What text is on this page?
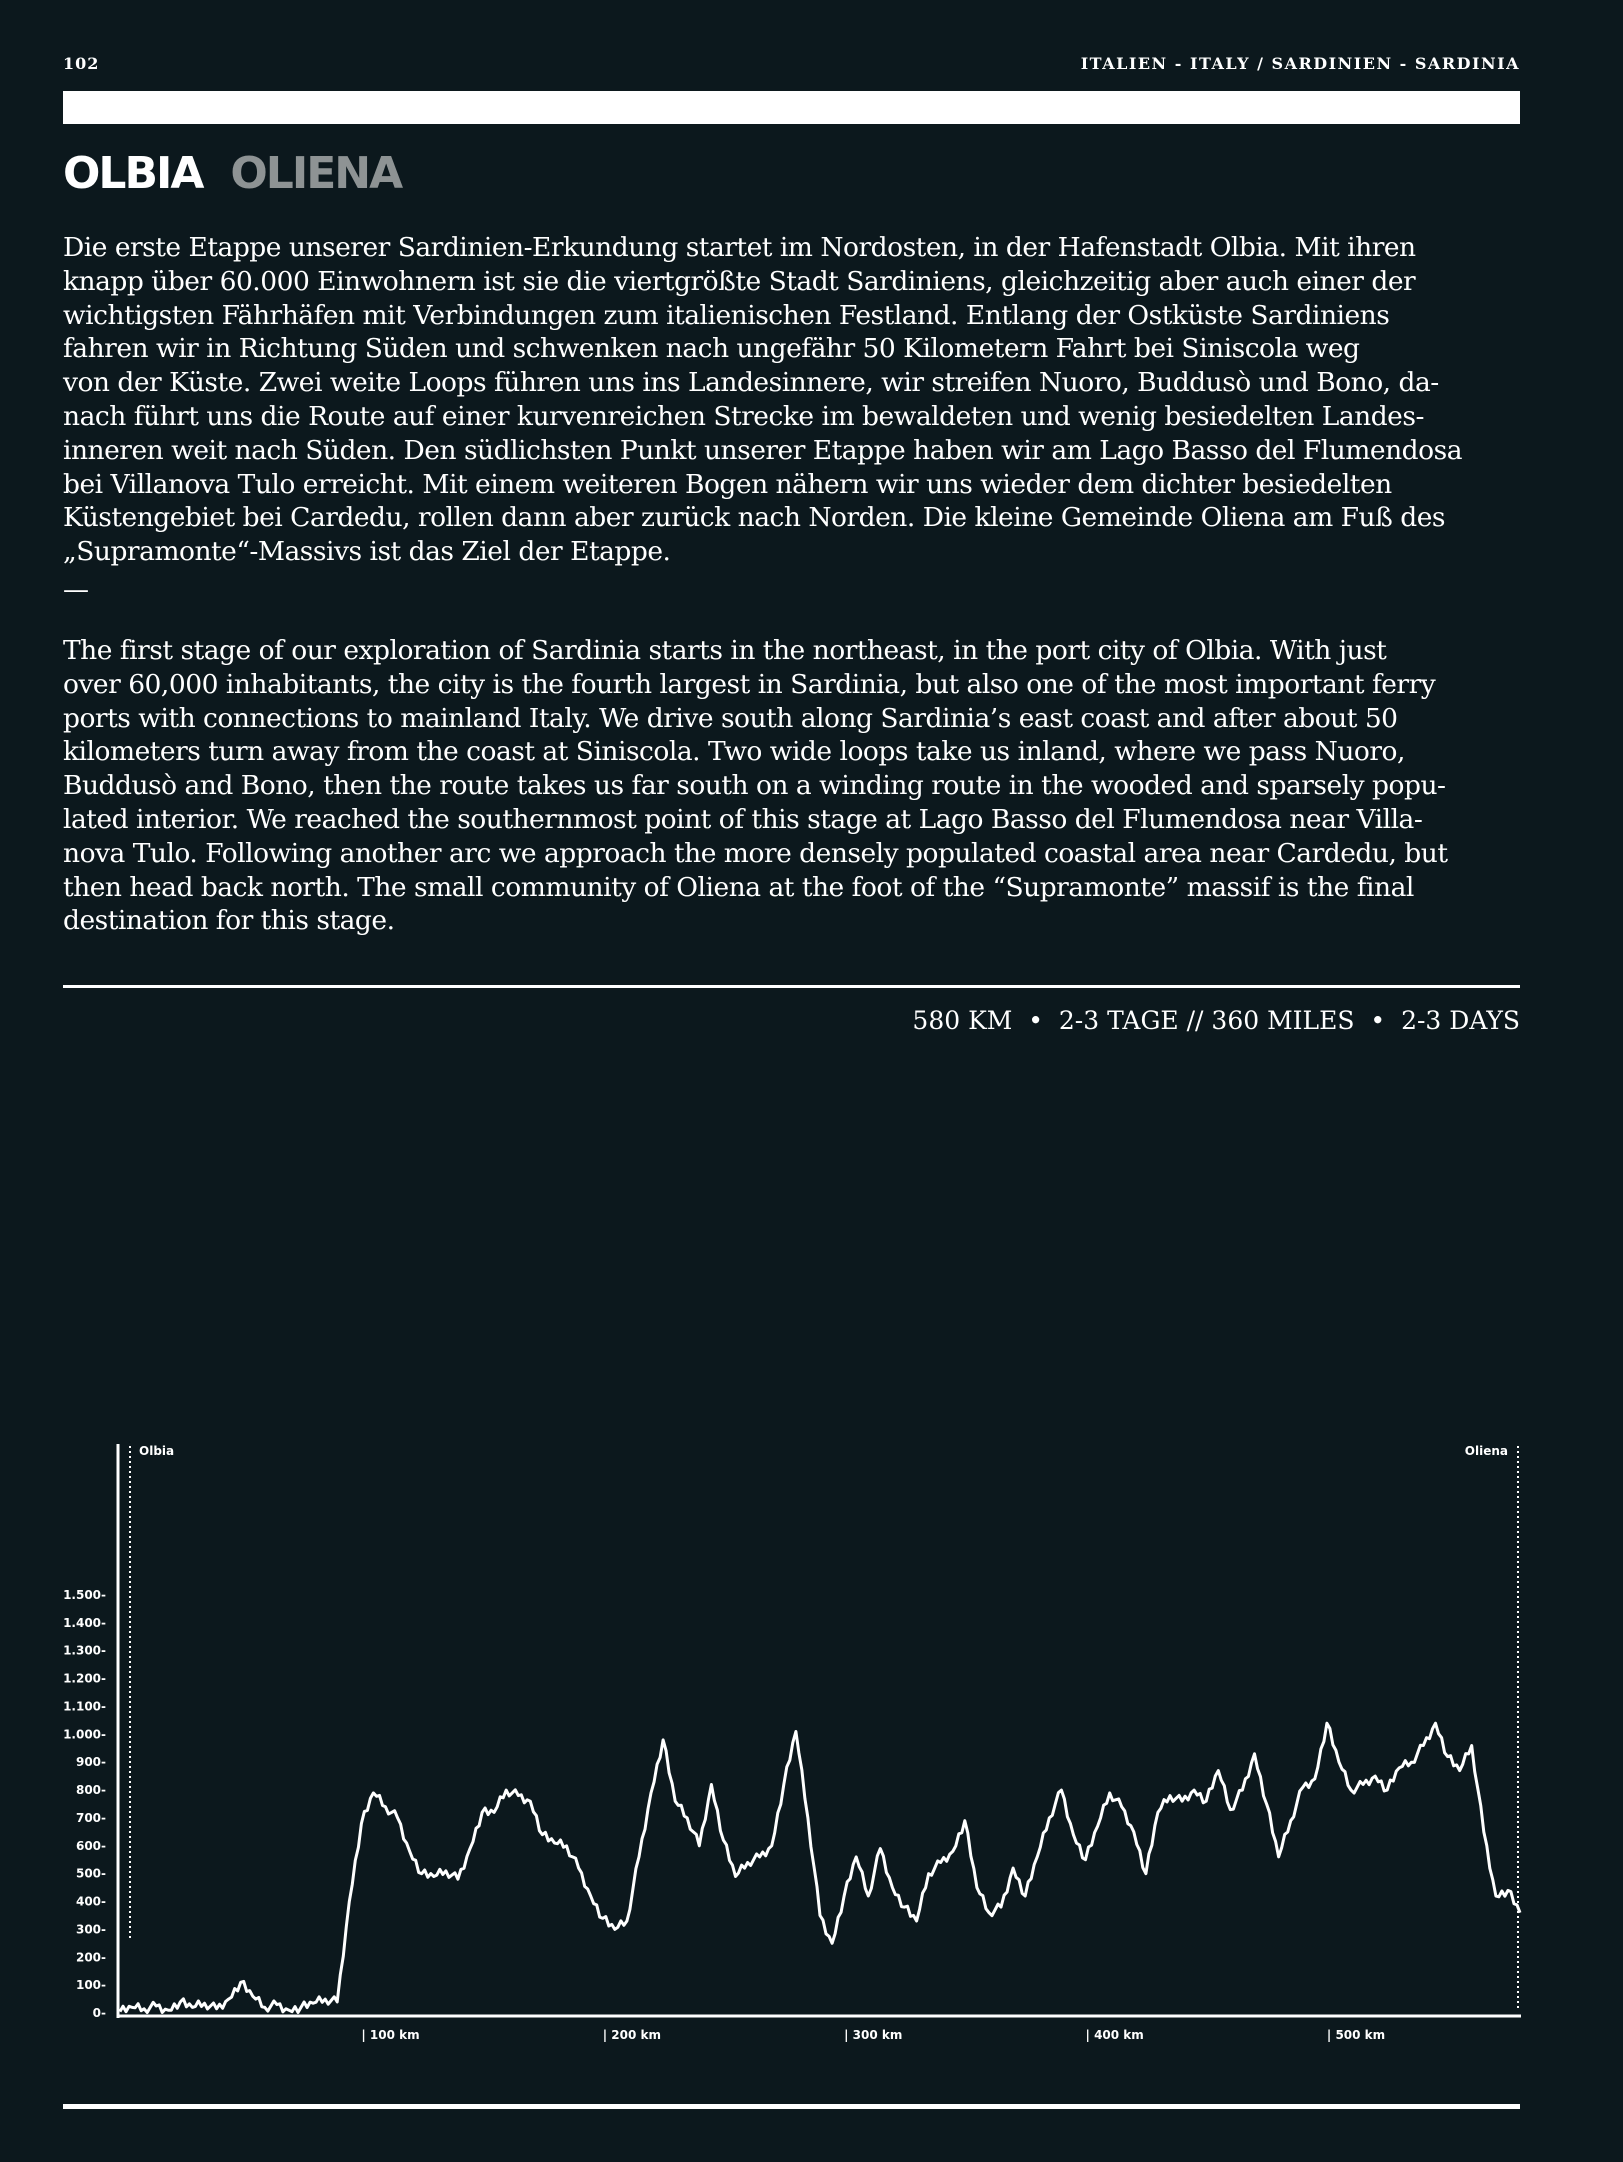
102	ITALIEN - ITALY / SARDINIEN - SARDINIA
OLBIA OLIENA
Die erste Etappe unserer Sardinien-Erkundung startet im Nordosten, in der Hafenstadt Olbia. Mit ihren
knapp über 60.000 Einwohnern ist sie die viertgrößte Stadt Sardiniens, gleichzeitig aber auch einer der
wichtigsten Fährhäfen mit Verbindungen zum italienischen Festland. Entlang der Ostküste Sardiniens
fahren wir in Richtung Süden und schwenken nach ungefähr 50 Kilometern Fahrt bei Siniscola weg
von der Küste. Zwei weite Loops führen uns ins Landesinnere, wir streifen Nuoro, Buddusò und Bono, da-
nach führt uns die Route auf einer kurvenreichen Strecke im bewaldeten und wenig besiedelten Landes-
inneren weit nach Süden. Den südlichsten Punkt unserer Etappe haben wir am Lago Basso del Flumendosa
bei Villanova Tulo erreicht. Mit einem weiteren Bogen nähern wir uns wieder dem dichter besiedelten
Küstengebiet bei Cardedu, rollen dann aber zurück nach Norden. Die kleine Gemeinde Oliena am Fuß des
„Supramonte“-Massivs ist das Ziel der Etappe.
—
The first stage of our exploration of Sardinia starts in the northeast, in the port city of Olbia. With just
over 60,000 inhabitants, the city is the fourth largest in Sardinia, but also one of the most important ferry
ports with connections to mainland Italy. We drive south along Sardinia’s east coast and after about 50
kilometers turn away from the coast at Siniscola. Two wide loops take us inland, where we pass Nuoro,
Buddusò and Bono, then the route takes us far south on a winding route in the wooded and sparsely popu-
lated interior. We reached the southernmost point of this stage at Lago Basso del Flumendosa near Villa-
nova Tulo. Following another arc we approach the more densely populated coastal area near Cardedu, but
then head back north. The small community of Oliena at the foot of the “Supramonte” massif is the final
destination for this stage.
580 KM  •  2-3 TAGE // 360 MILES  •  2-3 DAYS
Olbia	Oliena
0-
100-
200-
300-
400-
500-
600-
700-
800-
900-
1.000-
1.100-
1.200-
1.300-
1.400-
1.500-
| 100 km	| 200 km	| 300 km	| 400 km	| 500 km
